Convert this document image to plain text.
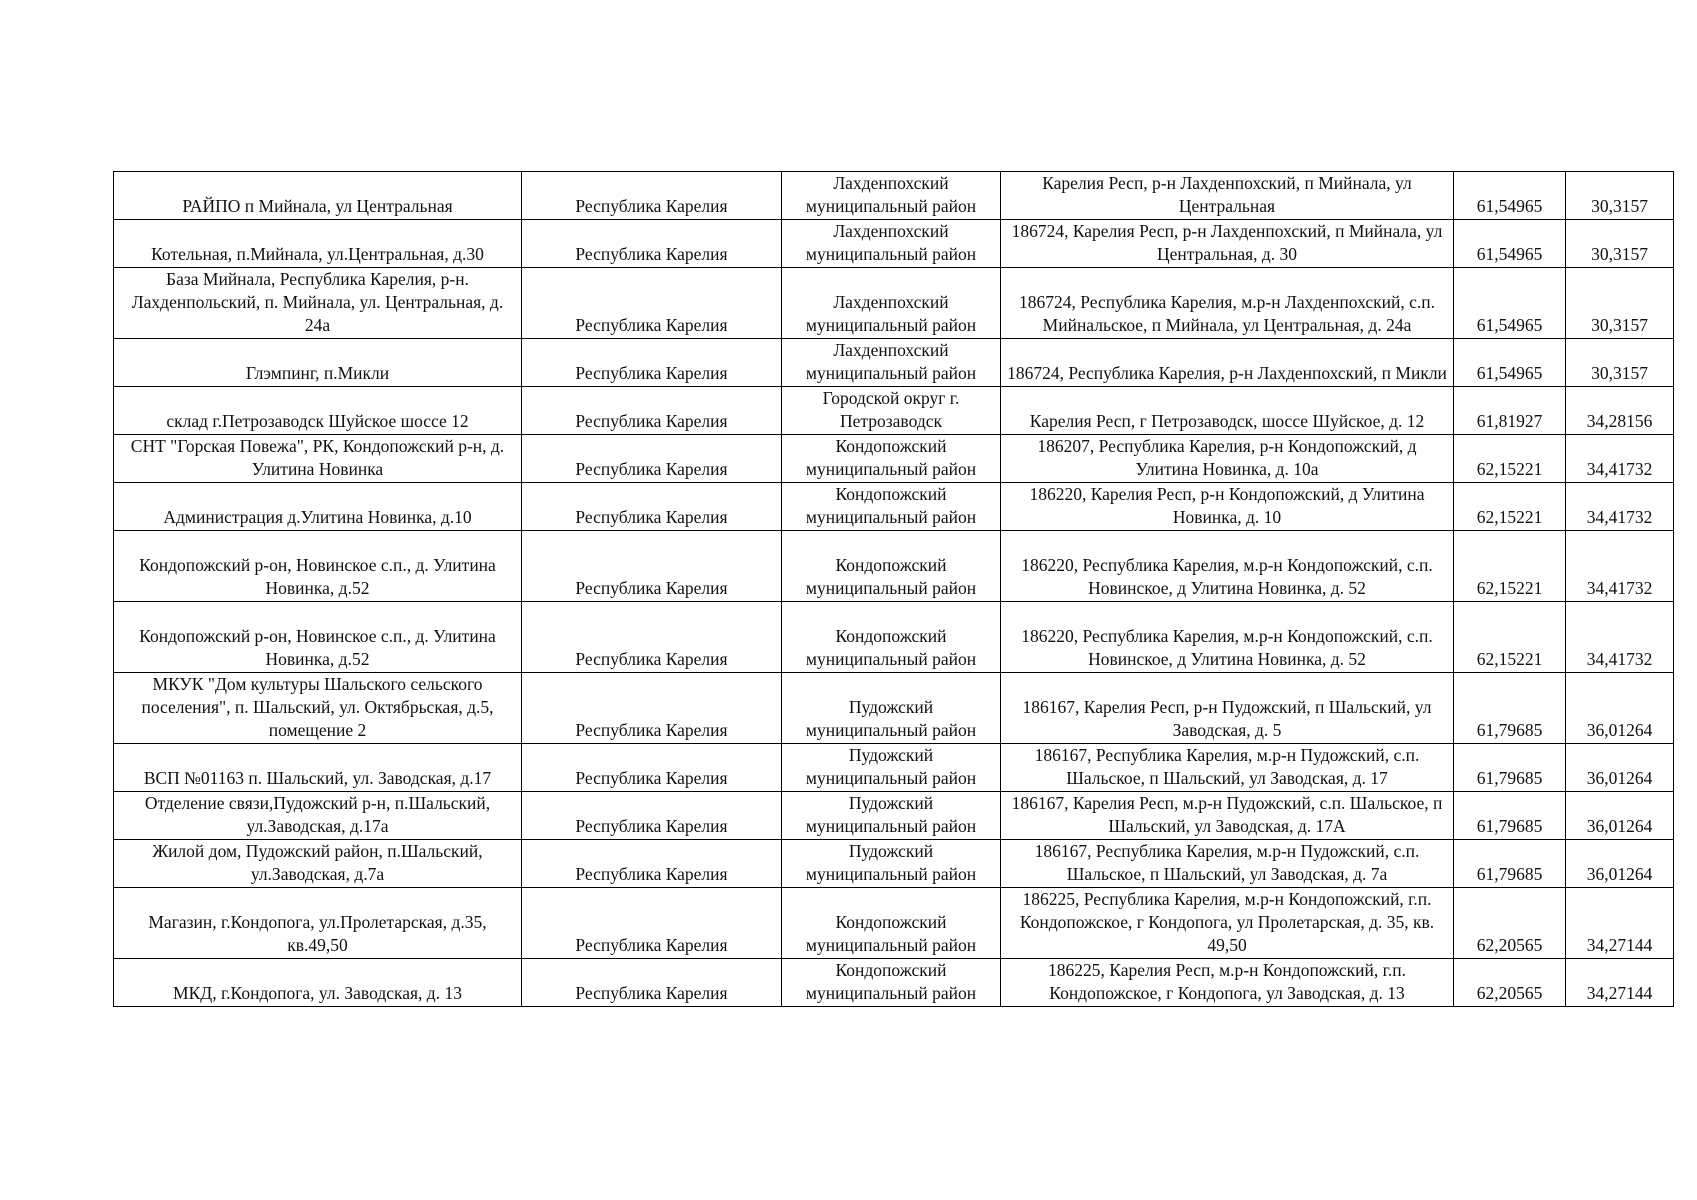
РАЙПО п Мийнала, ул Центральная	Республика Карелия	Лахденпохский муниципальный район	Карелия Респ, р-н Лахденпохский, п Мийнала, ул Центральная	61,54965	30,3157
Котельная, п.Мийнала, ул.Центральная, д.30	Республика Карелия	Лахденпохский муниципальный район	186724, Карелия Респ, р-н Лахденпохский, п Мийнала, ул Центральная, д. 30	61,54965	30,3157
База Мийнала, Республика Карелия, р-н. Лахденпольский, п. Мийнала, ул. Центральная, д. 24а	Республика Карелия	Лахденпохский муниципальный район	186724, Республика Карелия, м.р-н Лахденпохский, с.п. Мийнальское, п Мийнала, ул Центральная, д. 24а	61,54965	30,3157
Глэмпинг, п.Микли	Республика Карелия	Лахденпохский муниципальный район	186724, Республика Карелия, р-н Лахденпохский, п Микли	61,54965	30,3157
склад г.Петрозаводск Шуйское шоссе 12	Республика Карелия	Городской округ г. Петрозаводск	Карелия Респ, г Петрозаводск, шоссе Шуйское, д. 12	61,81927	34,28156
СНТ "Горская Повежа", РК, Кондопожский р-н, д. Улитина Новинка	Республика Карелия	Кондопожский муниципальный район	186207, Республика Карелия, р-н Кондопожский, д Улитина Новинка, д. 10а	62,15221	34,41732
Администрация д.Улитина Новинка, д.10	Республика Карелия	Кондопожский муниципальный район	186220, Карелия Респ, р-н Кондопожский, д Улитина Новинка, д. 10	62,15221	34,41732
Кондопожский р-он, Новинское с.п., д. Улитина Новинка, д.52	Республика Карелия	Кондопожский муниципальный район	186220, Республика Карелия, м.р-н Кондопожский, с.п. Новинское, д Улитина Новинка, д. 52	62,15221	34,41732
Кондопожский р-он, Новинское с.п., д. Улитина Новинка, д.52	Республика Карелия	Кондопожский муниципальный район	186220, Республика Карелия, м.р-н Кондопожский, с.п. Новинское, д Улитина Новинка, д. 52	62,15221	34,41732
МКУК "Дом культуры Шальского сельского поселения", п. Шальский, ул. Октябрьская, д.5, помещение 2	Республика Карелия	Пудожский муниципальный район	186167, Карелия Респ, р-н Пудожский, п Шальский, ул Заводская, д. 5	61,79685	36,01264
ВСП №01163 п. Шальский, ул. Заводская, д.17	Республика Карелия	Пудожский муниципальный район	186167, Республика Карелия, м.р-н Пудожский, с.п. Шальское, п Шальский, ул Заводская, д. 17	61,79685	36,01264
Отделение связи,Пудожский р-н, п.Шальский, ул.Заводская, д.17а	Республика Карелия	Пудожский муниципальный район	186167, Карелия Респ, м.р-н Пудожский, с.п. Шальское, п Шальский, ул Заводская, д. 17А	61,79685	36,01264
Жилой дом, Пудожский район, п.Шальский, ул.Заводская, д.7а	Республика Карелия	Пудожский муниципальный район	186167, Республика Карелия, м.р-н Пудожский, с.п. Шальское, п Шальский, ул Заводская, д. 7а	61,79685	36,01264
Магазин, г.Кондопога, ул.Пролетарская, д.35, кв.49,50	Республика Карелия	Кондопожский муниципальный район	186225, Республика Карелия, м.р-н Кондопожский, г.п. Кондопожское, г Кондопога, ул Пролетарская, д. 35, кв. 49,50	62,20565	34,27144
МКД, г.Кондопога, ул. Заводская, д. 13	Республика Карелия	Кондопожский муниципальный район	186225, Карелия Респ, м.р-н Кондопожский, г.п. Кондопожское, г Кондопога, ул Заводская, д. 13	62,20565	34,27144
